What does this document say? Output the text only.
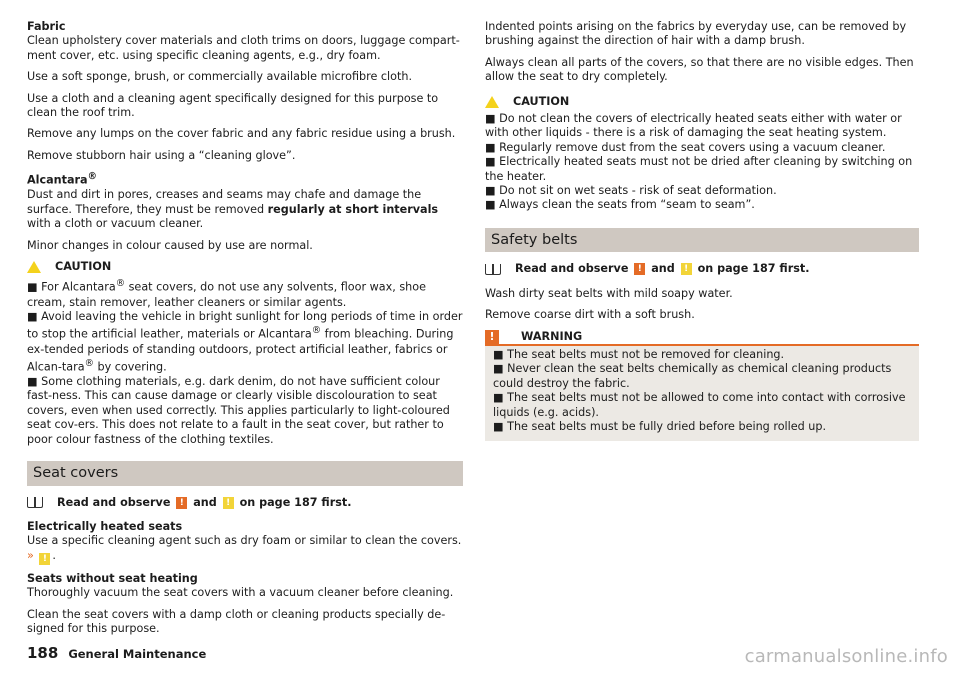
Fabric

Clean upholstery cover materials and cloth trims on doors, luggage compart-ment cover, etc. using specific cleaning agents, e.g., dry foam.

Use a soft sponge, brush, or commercially available microfibre cloth.

Use a cloth and a cleaning agent specifically designed for this purpose to clean the roof trim.

Remove any lumps on the cover fabric and any fabric residue using a brush.

Remove stubborn hair using a “cleaning glove”.

Alcantara®

Dust and dirt in pores, creases and seams may chafe and damage the surface. Therefore, they must be removed regularly at short intervals with a cloth or vacuum cleaner.

Minor changes in colour caused by use are normal.

CAUTION

■ For Alcantara® seat covers, do not use any solvents, floor wax, shoe cream, stain remover, leather cleaners or similar agents.

■ Avoid leaving the vehicle in bright sunlight for long periods of time in order to stop the artificial leather, materials or Alcantara® from bleaching. During ex-tended periods of standing outdoors, protect artificial leather, fabrics or Alcan-tara® by covering.

■ Some clothing materials, e.g. dark denim, do not have sufficient colour fast-ness. This can cause damage or clearly visible discolouration to seat covers, even when used correctly. This applies particularly to light-coloured seat cov-ers. This does not relate to a fault in the seat cover, but rather to poor colour fastness of the clothing textiles.

Seat covers
Read and observe
	!
and
	!
on page 187 first.

Electrically heated seats

Use a specific cleaning agent such as dry foam or similar to clean the covers.
» ! .

Seats without seat heating

Thoroughly vacuum the seat covers with a vacuum cleaner before cleaning.

Clean the seat covers with a damp cloth or cleaning products specially de-signed for this purpose.

Indented points arising on the fabrics by everyday use, can be removed by brushing against the direction of hair with a damp brush.

Always clean all parts of the covers, so that there are no visible edges. Then allow the seat to dry completely.

CAUTION

■ Do not clean the covers of electrically heated seats either with water or with other liquids - there is a risk of damaging the seat heating system.

■ Regularly remove dust from the seat covers using a vacuum cleaner.

■ Electrically heated seats must not be dried after cleaning by switching on the heater.

■ Do not sit on wet seats - risk of seat deformation.

■ Always clean the seats from “seam to seam”.

Safety belts
Read and observe
	!
and
	!
on page 187 first.

Wash dirty seat belts with mild soapy water.

Remove coarse dirt with a soft brush.

!	WARNING

■ The seat belts must not be removed for cleaning.

■ Never clean the seat belts chemically as chemical cleaning products could destroy the fabric.

■ The seat belts must not be allowed to come into contact with corrosive liquids (e.g. acids).

■ The seat belts must be fully dried before being rolled up.

188 General Maintenance	carmanualsonline.info
